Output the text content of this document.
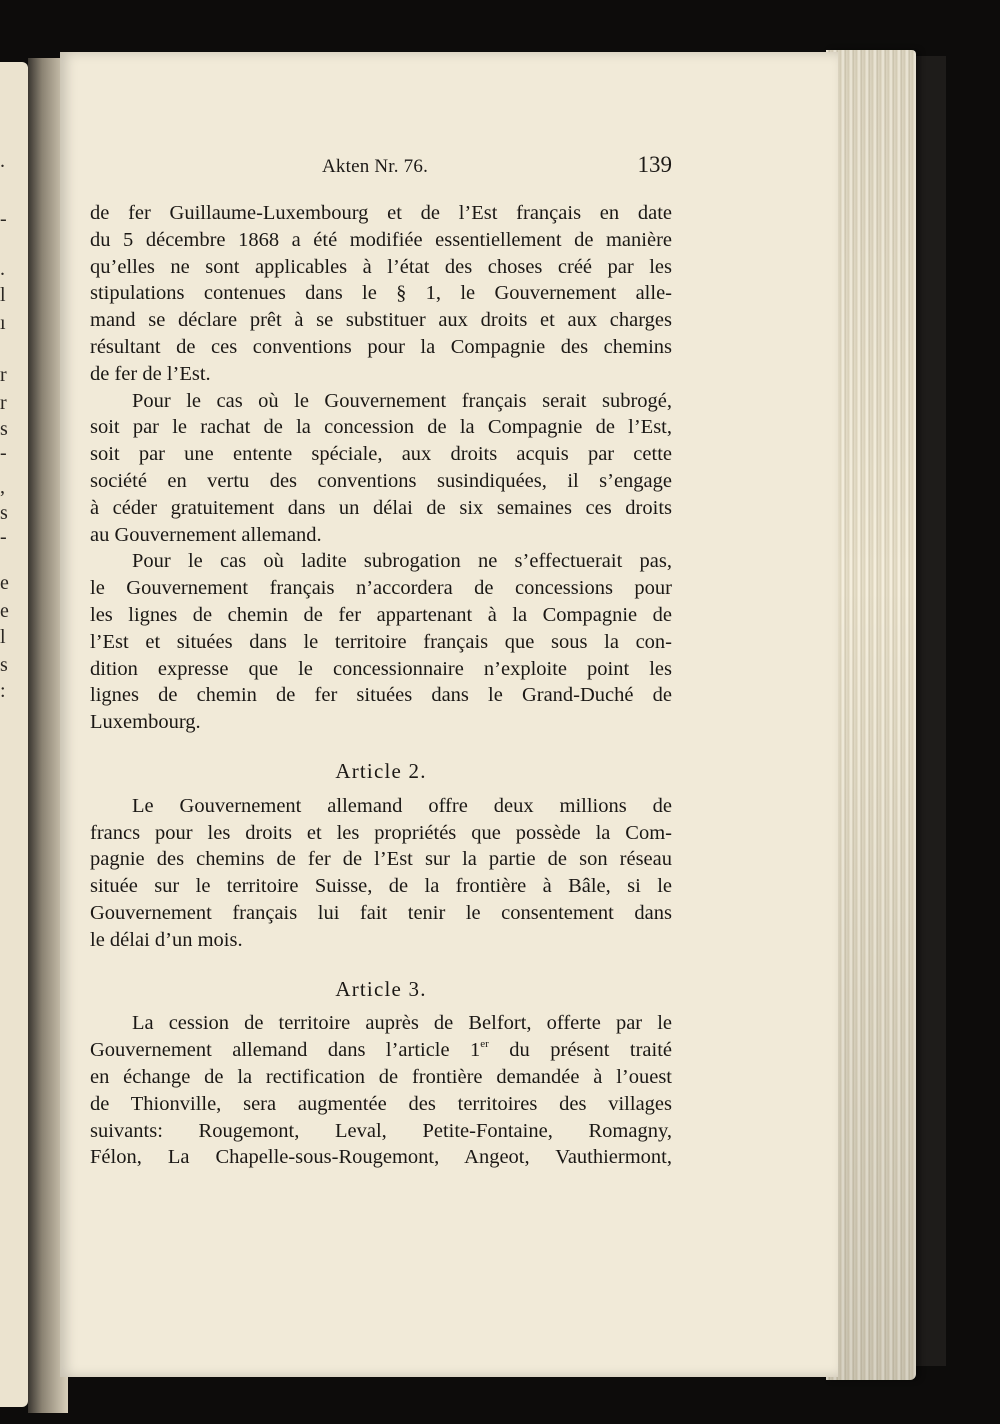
.
-
.
l
ı
r
r
s
-
,
s
-
e
e
l
s
:
Akten Nr. 76.	139
de fer Guillaume-Luxembourg et de l’Est français en date
du 5 décembre 1868 a été modifiée essentiellement de manière
qu’elles ne sont applicables à l’état des choses créé par les
stipulations contenues dans le § 1, le Gouvernement alle-
mand se déclare prêt à se substituer aux droits et aux charges
résultant de ces conventions pour la Compagnie des chemins
de fer de l’Est.
Pour le cas où le Gouvernement français serait subrogé,
soit par le rachat de la concession de la Compagnie de l’Est,
soit par une entente spéciale, aux droits acquis par cette
société en vertu des conventions susindiquées, il s’engage
à céder gratuitement dans un délai de six semaines ces droits
au Gouvernement allemand.
Pour le cas où ladite subrogation ne s’effectuerait pas,
le Gouvernement français n’accordera de concessions pour
les lignes de chemin de fer appartenant à la Compagnie de
l’Est et situées dans le territoire français que sous la con-
dition expresse que le concessionnaire n’exploite point les
lignes de chemin de fer situées dans le Grand-Duché de
Luxembourg.
Article 2.
Le Gouvernement allemand offre deux millions de
francs pour les droits et les propriétés que possède la Com-
pagnie des chemins de fer de l’Est sur la partie de son réseau
située sur le territoire Suisse, de la frontière à Bâle, si le
Gouvernement français lui fait tenir le consentement dans
le délai d’un mois.
Article 3.
La cession de territoire auprès de Belfort, offerte par le
Gouvernement allemand dans l’article 1er du présent traité
en échange de la rectification de frontière demandée à l’ouest
de Thionville, sera augmentée des territoires des villages
suivants: Rougemont, Leval, Petite-Fontaine, Romagny,
Félon, La Chapelle-sous-Rougemont, Angeot, Vauthiermont,
